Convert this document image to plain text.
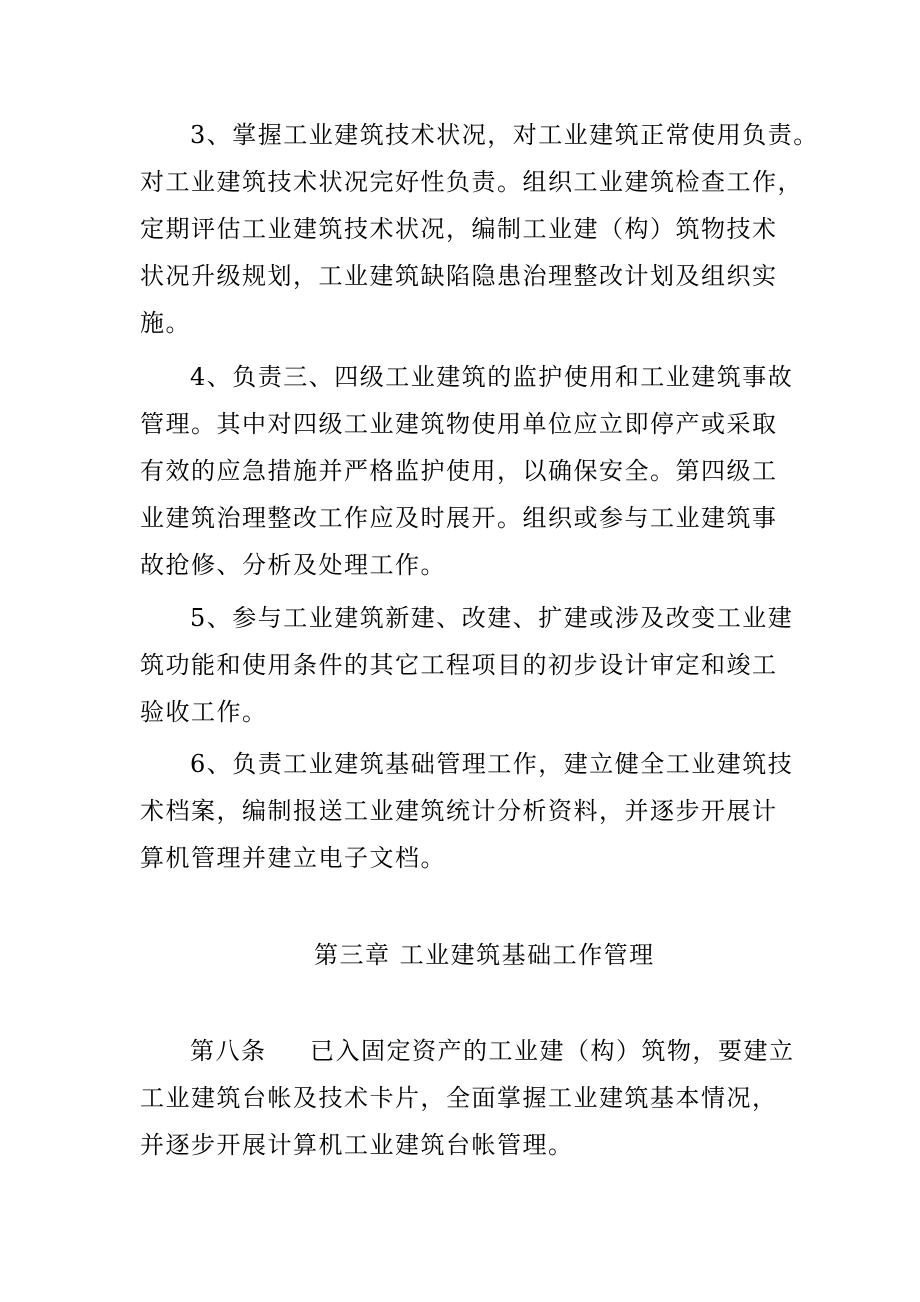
3、掌握工业建筑技术状况，对工业建筑正常使用负责。
对工业建筑技术状况完好性负责。组织工业建筑检查工作，
定期评估工业建筑技术状况，编制工业建（构）筑物技术
状况升级规划，工业建筑缺陷隐患治理整改计划及组织实
施。
4、负责三、四级工业建筑的监护使用和工业建筑事故
管理。其中对四级工业建筑物使用单位应立即停产或采取
有效的应急措施并严格监护使用，以确保安全。第四级工
业建筑治理整改工作应及时展开。组织或参与工业建筑事
故抢修、分析及处理工作。
5、参与工业建筑新建、改建、扩建或涉及改变工业建
筑功能和使用条件的其它工程项目的初步设计审定和竣工
验收工作。
6、负责工业建筑基础管理工作，建立健全工业建筑技
术档案，编制报送工业建筑统计分析资料，并逐步开展计
算机管理并建立电子文档。
第三章 工业建筑基础工作管理
第八条 已入固定资产的工业建（构）筑物，要建立
工业建筑台帐及技术卡片，全面掌握工业建筑基本情况，
并逐步开展计算机工业建筑台帐管理。
